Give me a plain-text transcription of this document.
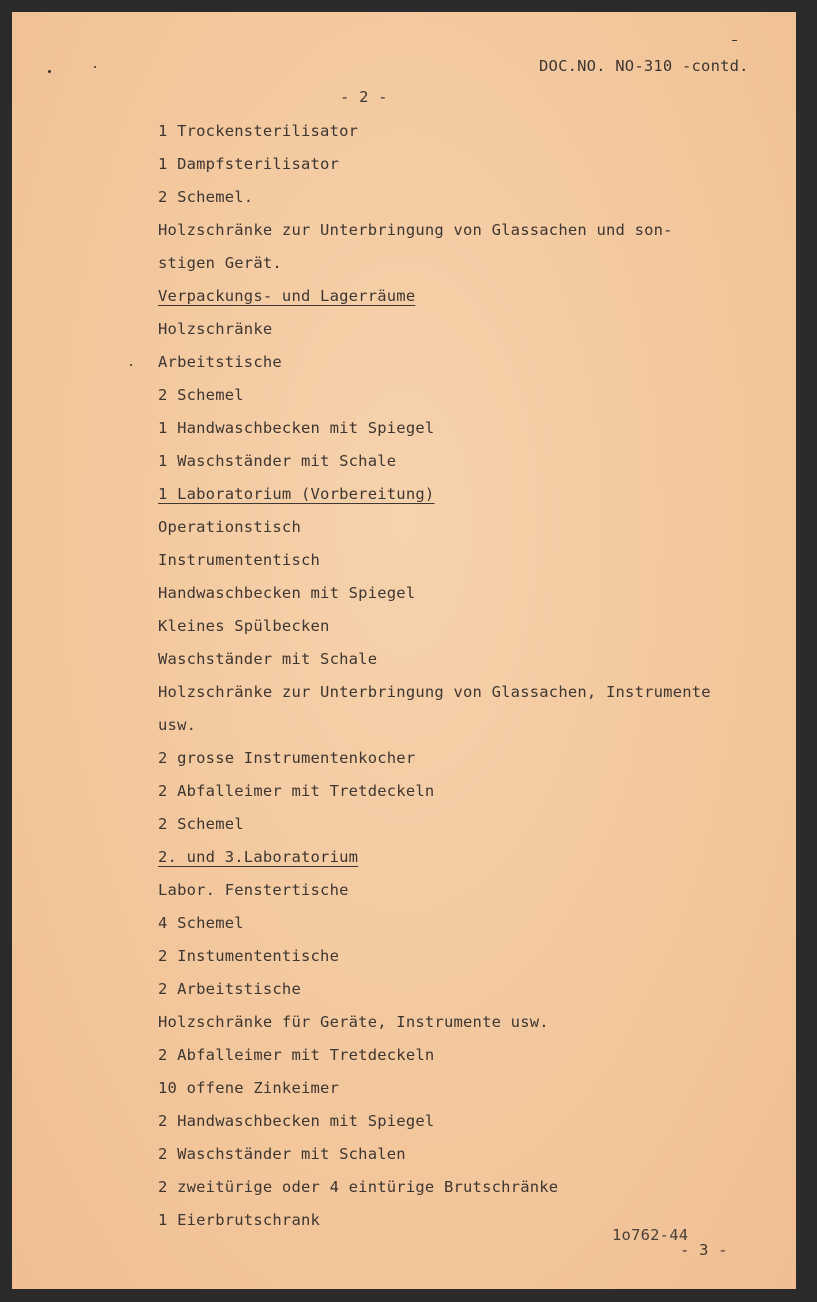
DOC.NO. NO-310 -contd.
- 2 -
1 Trockensterilisator
1 Dampfsterilisator
2 Schemel.
Holzschränke zur Unterbringung von Glassachen und son-
stigen Gerät.
Verpackungs- und Lagerräume
Holzschränke
Arbeitstische
2 Schemel
1 Handwaschbecken mit Spiegel
1 Waschständer mit Schale
1 Laboratorium (Vorbereitung)
Operationstisch
Instrumententisch
Handwaschbecken mit Spiegel
Kleines Spülbecken
Waschständer mit Schale
Holzschränke zur Unterbringung von Glassachen, Instrumente
usw.
2 grosse Instrumentenkocher
2 Abfalleimer mit Tretdeckeln
2 Schemel
2. und 3.Laboratorium
Labor. Fenstertische
4 Schemel
2 Instumententische
2 Arbeitstische
Holzschränke für Geräte, Instrumente usw.
2 Abfalleimer mit Tretdeckeln
10 offene Zinkeimer
2 Handwaschbecken mit Spiegel
2 Waschständer mit Schalen
2 zweitürige oder 4 eintürige Brutschränke
1 Eierbrutschrank
1o762-44
- 3 -
